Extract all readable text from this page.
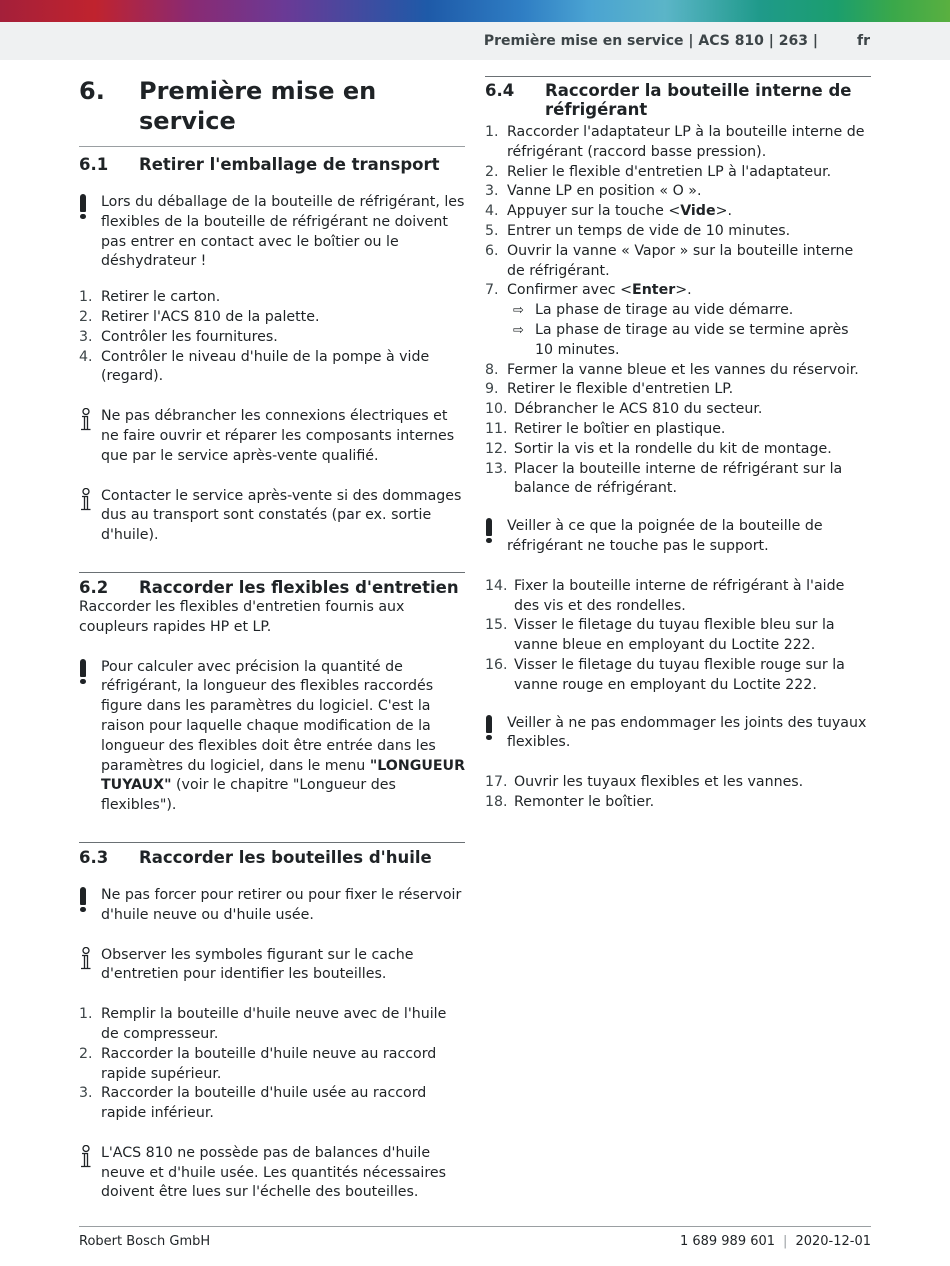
Première mise en service | ACS 810 | 263 |	fr
6.	Première mise en service
6.1	Retirer l'emballage de transport

Lors du déballage de la bouteille de réfrigérant, les flexibles de la bouteille de réfrigérant ne doivent pas entrer en contact avec le boîtier ou le déshydrateur !

1. Retirer le carton.
2. Retirer l'ACS 810 de la palette.
3. Contrôler les fournitures.
4. Contrôler le niveau d'huile de la pompe à vide (regard).

Ne pas débrancher les connexions électriques et ne faire ouvrir et réparer les composants internes que par le service après-vente qualifié.

Contacter le service après-vente si des dommages dus au transport sont constatés (par ex. sortie d'huile).

6.2	Raccorder les flexibles d'entretien

Raccorder les flexibles d'entretien fournis aux coupleurs rapides HP et LP.

Pour calculer avec précision la quantité de réfrigérant, la longueur des flexibles raccordés figure dans les paramètres du logiciel. C'est la raison pour laquelle chaque modification de la longueur des flexibles doit être entrée dans les paramètres du logiciel, dans le menu "LONGUEUR TUYAUX" (voir le chapitre "Longueur des flexibles").

6.3	Raccorder les bouteilles d'huile

Ne pas forcer pour retirer ou pour fixer le réservoir d'huile neuve ou d'huile usée.

Observer les symboles figurant sur le cache d'entretien pour identifier les bouteilles.

1. Remplir la bouteille d'huile neuve avec de l'huile de compresseur.
2. Raccorder la bouteille d'huile neuve au raccord rapide supérieur.
3. Raccorder la bouteille d'huile usée au raccord rapide inférieur.

L'ACS 810 ne possède pas de balances d'huile neuve et d'huile usée. Les quantités nécessaires doivent être lues sur l'échelle des bouteilles.

6.4	Raccorder la bouteille interne de réfrigérant
1. Raccorder l'adaptateur LP à la bouteille interne de réfrigérant (raccord basse pression).
2. Relier le flexible d'entretien LP à l'adaptateur.
3. Vanne LP en position « O ».
4. Appuyer sur la touche <Vide>.
5. Entrer un temps de vide de 10 minutes.
6. Ouvrir la vanne « Vapor » sur la bouteille interne de réfrigérant.
7. Confirmer avec <Enter>.
⇨ La phase de tirage au vide démarre.
⇨ La phase de tirage au vide se termine après 10 minutes.
8. Fermer la vanne bleue et les vannes du réservoir.
9. Retirer le flexible d'entretien LP.
10. Débrancher le ACS 810 du secteur.
11. Retirer le boîtier en plastique.
12. Sortir la vis et la rondelle du kit de montage.
13. Placer la bouteille interne de réfrigérant sur la balance de réfrigérant.

Veiller à ce que la poignée de la bouteille de réfrigérant ne touche pas le support.

14. Fixer la bouteille interne de réfrigérant à l'aide des vis et des rondelles.
15. Visser le filetage du tuyau flexible bleu sur la vanne bleue en employant du Loctite 222.
16. Visser le filetage du tuyau flexible rouge sur la vanne rouge en employant du Loctite 222.

Veiller à ne pas endommager les joints des tuyaux flexibles.

17. Ouvrir les tuyaux flexibles et les vannes.
18. Remonter le boîtier.
Robert Bosch GmbH	1 689 989 601 | 2020-12-01
